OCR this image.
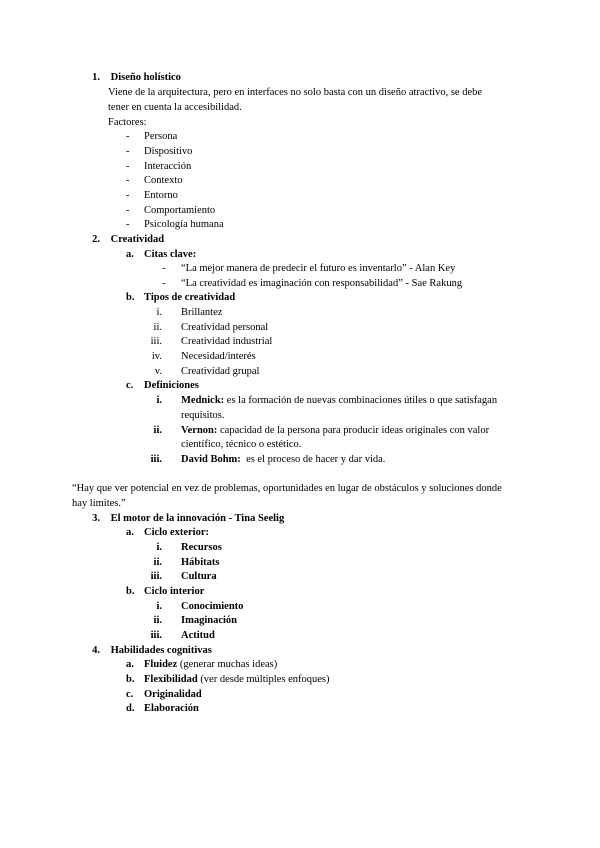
1. Diseño holístico
Viene de la arquitectura, pero en interfaces no solo basta con un diseño atractivo, se debe
tener en cuenta la accesibilidad.
Factores:
- Persona
- Dispositivo
- Interacción
- Contexto
- Entorno
- Comportamiento
- Psicología humana
2. Creatividad
a. Citas clave:
- “La mejor manera de predecir el futuro es inventarlo” - Alan Key
- “La creatividad es imaginación con responsabilidad” - Sae Rakung
b. Tipos de creatividad
i. Brillantez
ii. Creatividad personal
iii. Creatividad industrial
iv. Necesidad/interés
v. Creatividad grupal
c. Definiciones
i. Mednick: es la formación de nuevas combinaciones útiles o que satisfagan
requisitos.
ii. Vernon: capacidad de la persona para producir ideas originales con valor
científico, técnico o estético.
iii. David Bohm:  es el proceso de hacer y dar vida.
“Hay que ver potencial en vez de problemas, oportunidades en lugar de obstáculos y soluciones donde
hay límites.”
3. El motor de la innovación - Tina Seelig
a. Ciclo exterior:
i. Recursos
ii. Hábitats
iii. Cultura
b. Ciclo interior
i. Conocimiento
ii. Imaginación
iii. Actitud
4. Habilidades cognitivas
a. Fluidez (generar muchas ideas)
b. Flexibilidad (ver desde múltiples enfoques)
c. Originalidad
d. Elaboración
